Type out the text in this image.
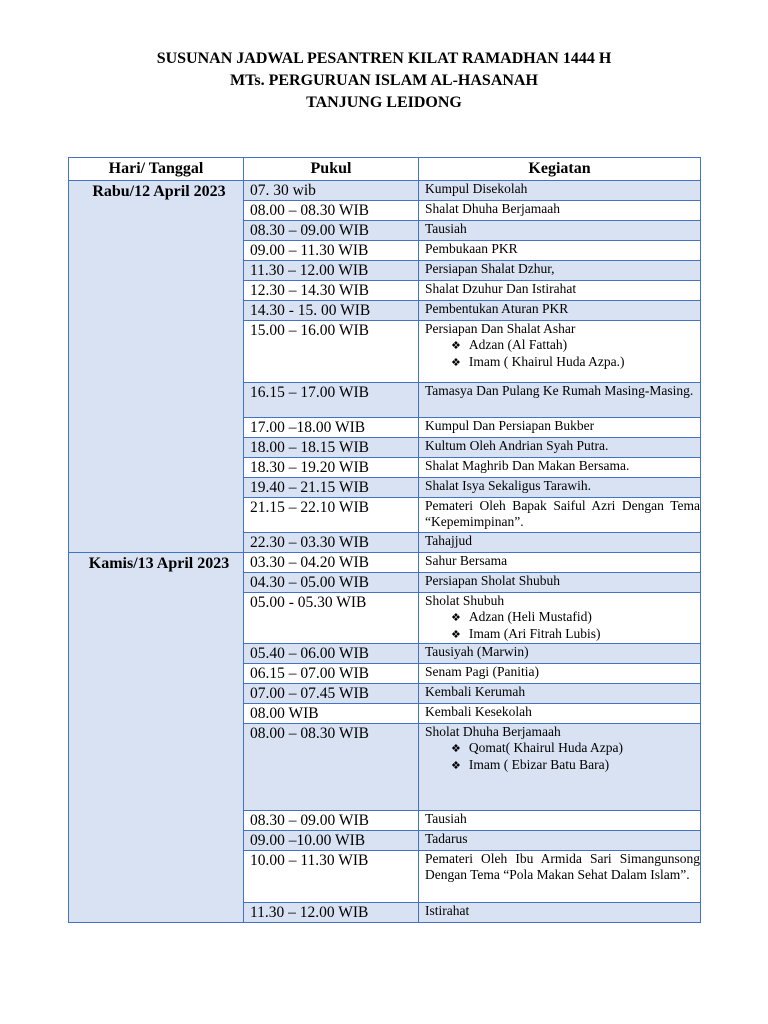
SUSUNAN JADWAL PESANTREN KILAT RAMADHAN 1444 H
MTs. PERGURUAN ISLAM AL-HASANAH
TANJUNG LEIDONG
Hari/ Tanggal	Pukul	Kegiatan
Rabu/12 April 2023	07. 30 wib	Kumpul Disekolah
	08.00 – 08.30 WIB	Shalat Dhuha Berjamaah
	08.30 – 09.00 WIB	Tausiah
	09.00 – 11.30 WIB	Pembukaan PKR
	11.30 – 12.00 WIB	Persiapan Shalat Dzhur,
	12.30 – 14.30 WIB	Shalat Dzuhur Dan Istirahat
	14.30 - 15. 00 WIB	Pembentukan Aturan PKR
	15.00 – 16.00 WIB	Persiapan Dan Shalat Ashar
❖ Adzan (Al Fattah)
❖ Imam ( Khairul Huda Azpa.)

	16.15 – 17.00 WIB	Tamasya Dan Pulang Ke Rumah Masing-Masing.
	17.00 –18.00 WIB	Kumpul Dan Persiapan Bukber
	18.00 – 18.15 WIB	Kultum Oleh Andrian Syah Putra.
	18.30 – 19.20 WIB	Shalat Maghrib Dan Makan Bersama.
	19.40 – 21.15 WIB	Shalat Isya Sekaligus Tarawih.
	21.15 – 22.10 WIB	Pemateri Oleh Bapak Saiful Azri Dengan Tema “Kepemimpinan”.
	22.30 – 03.30 WIB	Tahajjud
Kamis/13 April 2023	03.30 – 04.20 WIB	Sahur Bersama
	04.30 – 05.00 WIB	Persiapan Sholat Shubuh
	05.00 - 05.30 WIB	Sholat Shubuh
❖ Adzan (Heli Mustafid)
❖ Imam (Ari Fitrah Lubis)

	05.40 – 06.00 WIB	Tausiyah (Marwin)
	06.15 – 07.00 WIB	Senam Pagi (Panitia)
	07.00 – 07.45 WIB	Kembali Kerumah
	08.00 WIB	Kembali Kesekolah
	08.00 – 08.30 WIB	Sholat Dhuha Berjamaah
❖ Qomat( Khairul Huda Azpa)
❖ Imam ( Ebizar Batu Bara)

	08.30 – 09.00 WIB	Tausiah
	09.00 –10.00 WIB	Tadarus
	10.00 – 11.30 WIB	Pemateri Oleh Ibu Armida Sari Simangunsong Dengan Tema “Pola Makan Sehat Dalam Islam”.
	11.30 – 12.00 WIB	Istirahat
